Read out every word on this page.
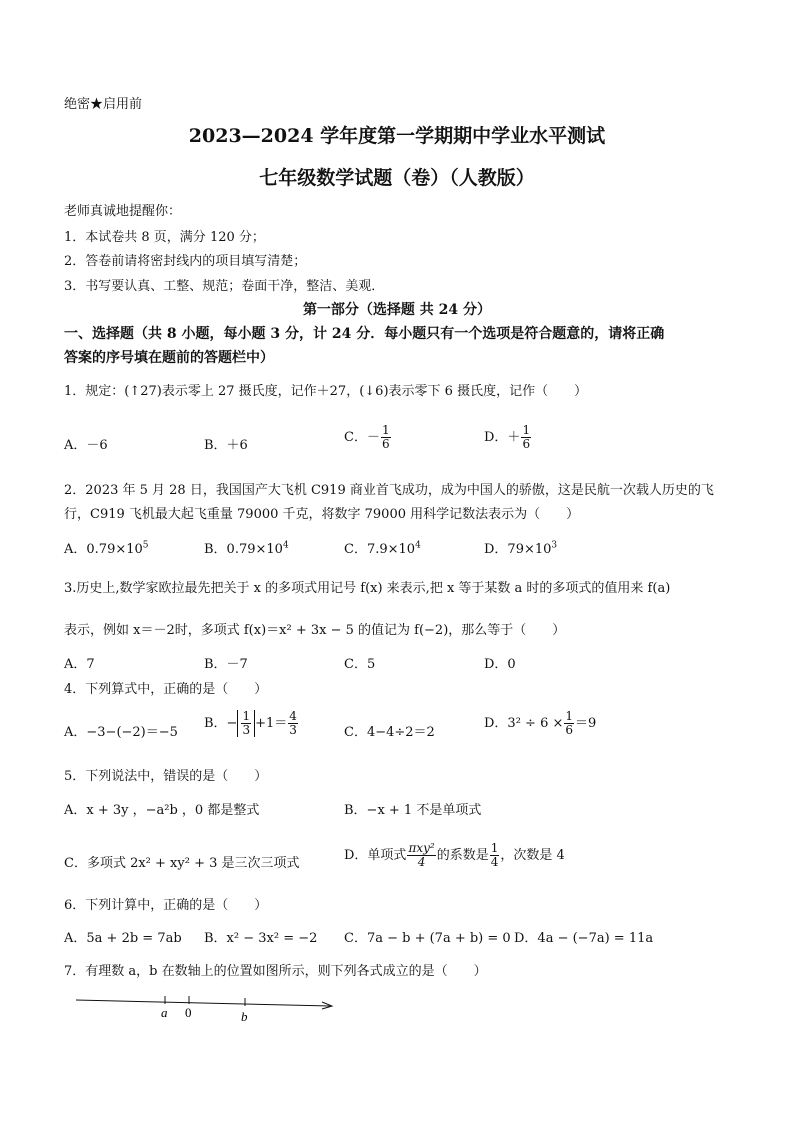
绝密★启用前
2023—2024 学年度第一学期期中学业水平测试
七年级数学试题（卷）（人教版）
老师真诚地提醒你：
1．本试卷共 8 页，满分 120 分；
2．答卷前请将密封线内的项目填写清楚；
3．书写要认真、工整、规范；卷面干净，整洁、美观．
第一部分（选择题 共 24 分）
一、选择题（共 8 小题，每小题 3 分，计 24 分．每小题只有一个选项是符合题意的，请将正确
答案的序号填在题前的答题栏中）
1．规定：(↑27)表示零上 27 摄氏度，记作＋27，(↓6)表示零下 6 摄氏度，记作（　　）
A．－6	B．＋6
C．－ $\frac{1}{6}$	D．＋ $\frac{1}{6}$
2．2023 年 5 月 28 日，我国国产大飞机 C919 商业首飞成功，成为中国人的骄傲，这是民航一次载人历史的飞
行，C919 飞机最大起飞重量 79000 千克，将数字 79000 用科学记数法表示为（　　）
A．$0.79\times 10^5$	B．$0.79\times 10^4$	C．$7.9\times 10^4$	D．$79\times 10^3$
3.历史上,数学家欧拉最先把关于 x 的多项式用记号 f(x) 来表示,把 x 等于某数 a 时的多项式的值用来 f(a)
表示，例如 x＝－2时，多项式 f(x)＝x² + 3x − 5 的值记为 f(−2)，那么等于（　　）
A．7	B．－7	C．5	D．0
4．下列算式中，正确的是（　　）
A．−3−(−2)＝−5
B．− $\frac{1}{3} +1= \frac{4}{3}$	C．4−4÷2＝2
D．$3^2 \div 6 \times \frac{1}{6} =9$
5．下列说法中，错误的是（　　）
A．x + 3y ，−a²b ，0 都是整式	B．−x + 1 不是单项式
C．多项式 2x² + xy² + 3 是三次三项式
D．单项式 $\frac{\text{πxy²}}{4}$ 的系数是 $\frac{1}{4}$ ，次数是 4
6．下列计算中，正确的是（　　）
A．5a + 2b = 7ab B．x² − 3x² = −2 C．7a − b + (7a + b) = 0 D．4a − (−7a) = 11a
7．有理数 a，b 在数轴上的位置如图所示，则下列各式成立的是（　　）
a 0	b
